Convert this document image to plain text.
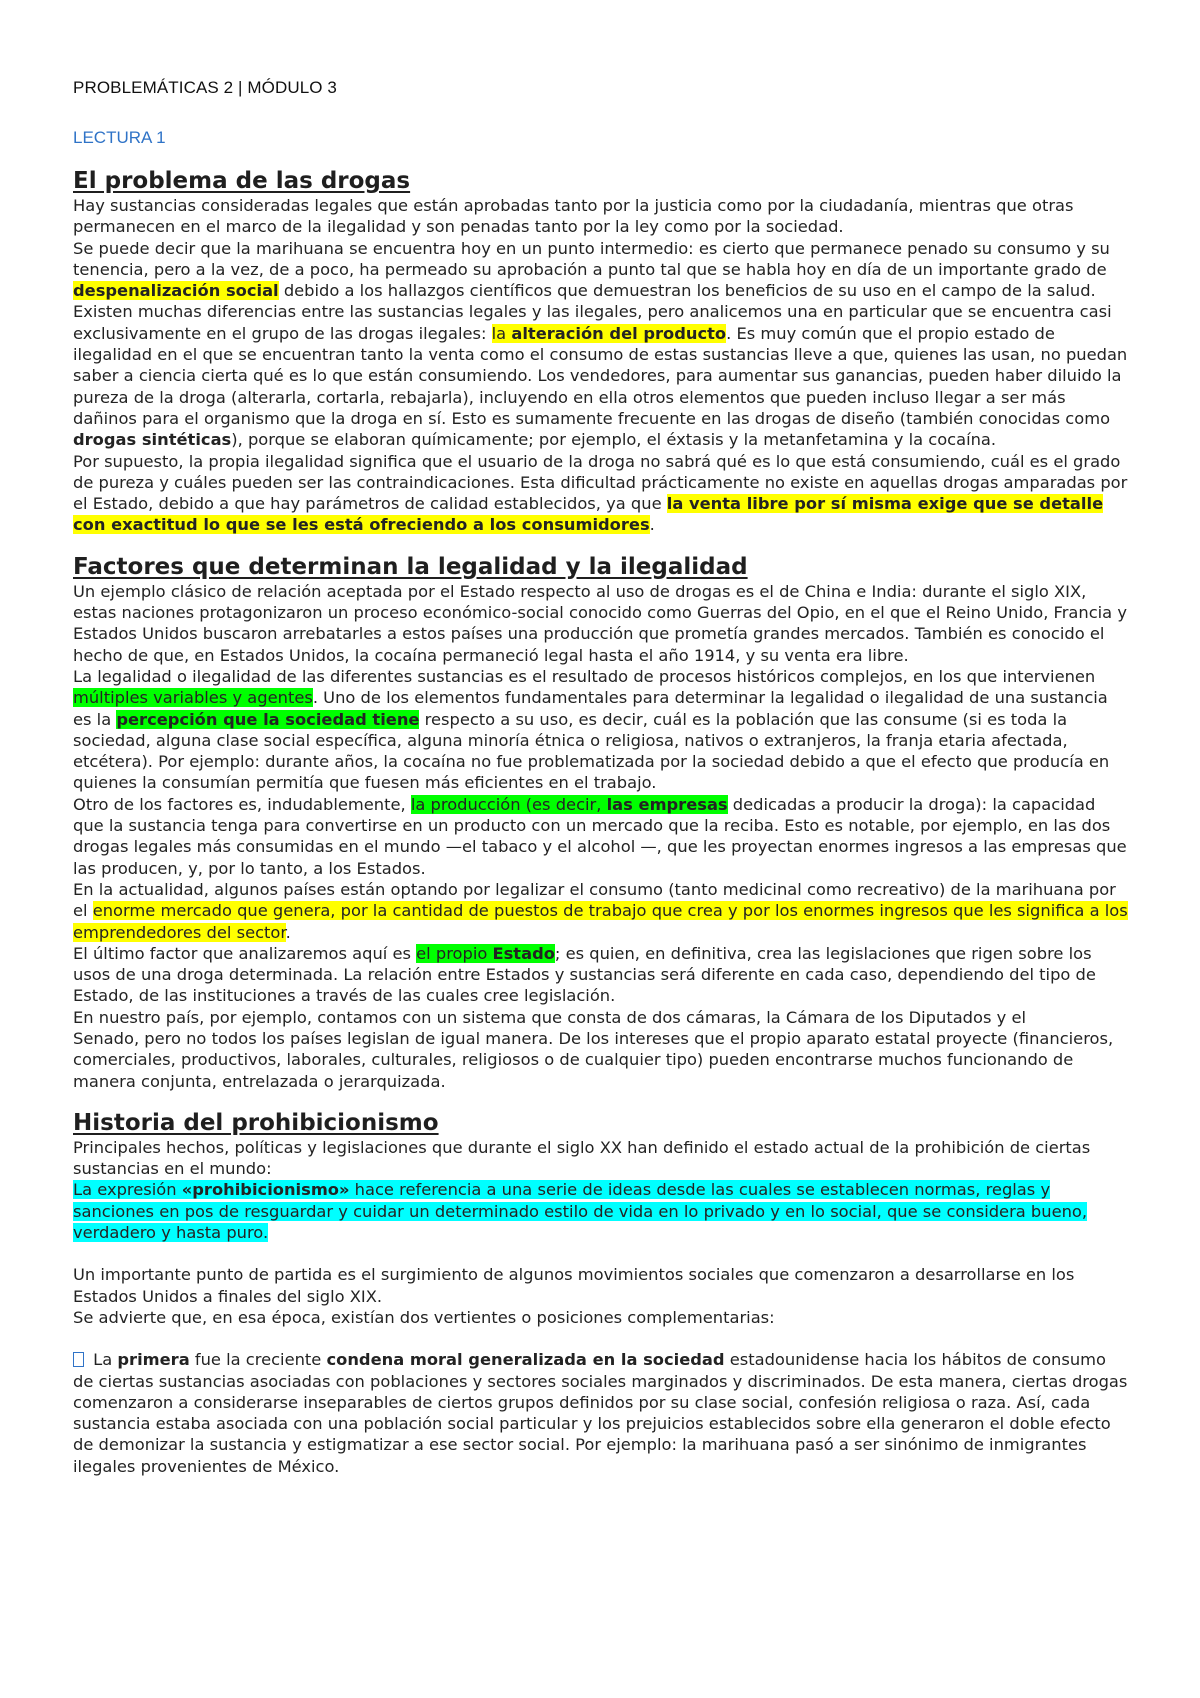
PROBLEMÁTICAS 2 | MÓDULO 3
LECTURA 1
El problema de las drogas

Hay sustancias consideradas legales que están aprobadas tanto por la justicia como por la ciudadanía, mientras que otras permanecen en el marco de la ilegalidad y son penadas tanto por la ley como por la sociedad.

Se puede decir que la marihuana se encuentra hoy en un punto intermedio: es cierto que permanece penado su consumo y su tenencia, pero a la vez, de a poco, ha permeado su aprobación a punto tal que se habla hoy en día de un importante grado de despenalización social debido a los hallazgos científicos que demuestran los beneficios de su uso en el campo de la salud.

Existen muchas diferencias entre las sustancias legales y las ilegales, pero analicemos una en particular que se encuentra casi exclusivamente en el grupo de las drogas ilegales: la alteración del producto. Es muy común que el propio estado de ilegalidad en el que se encuentran tanto la venta como el consumo de estas sustancias lleve a que, quienes las usan, no puedan saber a ciencia cierta qué es lo que están consumiendo. Los vendedores, para aumentar sus ganancias, pueden haber diluido la pureza de la droga (alterarla, cortarla, rebajarla), incluyendo en ella otros elementos que pueden incluso llegar a ser más dañinos para el organismo que la droga en sí. Esto es sumamente frecuente en las drogas de diseño (también conocidas como drogas sintéticas), porque se elaboran químicamente; por ejemplo, el éxtasis y la metanfetamina y la cocaína.

Por supuesto, la propia ilegalidad significa que el usuario de la droga no sabrá qué es lo que está consumiendo, cuál es el grado de pureza y cuáles pueden ser las contraindicaciones. Esta dificultad prácticamente no existe en aquellas drogas amparadas por el Estado, debido a que hay parámetros de calidad establecidos, ya que la venta libre por sí misma exige que se detalle con exactitud lo que se les está ofreciendo a los consumidores.

Factores que determinan la legalidad y la ilegalidad

Un ejemplo clásico de relación aceptada por el Estado respecto al uso de drogas es el de China e India: durante el siglo XIX, estas naciones protagonizaron un proceso económico-social conocido como Guerras del Opio, en el que el Reino Unido, Francia y Estados Unidos buscaron arrebatarles a estos países una producción que prometía grandes mercados. También es conocido el hecho de que, en Estados Unidos, la cocaína permaneció legal hasta el año 1914, y su venta era libre.

La legalidad o ilegalidad de las diferentes sustancias es el resultado de procesos históricos complejos, en los que intervienen múltiples variables y agentes. Uno de los elementos fundamentales para determinar la legalidad o ilegalidad de una sustancia es la percepción que la sociedad tiene respecto a su uso, es decir, cuál es la población que las consume (si es toda la sociedad, alguna clase social específica, alguna minoría étnica o religiosa, nativos o extranjeros, la franja etaria afectada, etcétera). Por ejemplo: durante años, la cocaína no fue problematizada por la sociedad debido a que el efecto que producía en quienes la consumían permitía que fuesen más eficientes en el trabajo.

Otro de los factores es, indudablemente, la producción (es decir, las empresas dedicadas a producir la droga): la capacidad que la sustancia tenga para convertirse en un producto con un mercado que la reciba. Esto es notable, por ejemplo, en las dos drogas legales más consumidas en el mundo —el tabaco y el alcohol —, que les proyectan enormes ingresos a las empresas que las producen, y, por lo tanto, a los Estados.

En la actualidad, algunos países están optando por legalizar el consumo (tanto medicinal como recreativo) de la marihuana por el enorme mercado que genera, por la cantidad de puestos de trabajo que crea y por los enormes ingresos que les significa a los emprendedores del sector.

El último factor que analizaremos aquí es el propio Estado; es quien, en definitiva, crea las legislaciones que rigen sobre los usos de una droga determinada. La relación entre Estados y sustancias será diferente en cada caso, dependiendo del tipo de Estado, de las instituciones a través de las cuales cree legislación.

En nuestro país, por ejemplo, contamos con un sistema que consta de dos cámaras, la Cámara de los Diputados y el

Senado, pero no todos los países legislan de igual manera. De los intereses que el propio aparato estatal proyecte (financieros, comerciales, productivos, laborales, culturales, religiosos o de cualquier tipo) pueden encontrarse muchos funcionando de manera conjunta, entrelazada o jerarquizada.

Historia del prohibicionismo

Principales hechos, políticas y legislaciones que durante el siglo XX han definido el estado actual de la prohibición de ciertas sustancias en el mundo:

La expresión «prohibicionismo» hace referencia a una serie de ideas desde las cuales se establecen normas, reglas y sanciones en pos de resguardar y cuidar un determinado estilo de vida en lo privado y en lo social, que se considera bueno, verdadero y hasta puro.

Un importante punto de partida es el surgimiento de algunos movimientos sociales que comenzaron a desarrollarse en los Estados Unidos a finales del siglo XIX.

Se advierte que, en esa época, existían dos vertientes o posiciones complementarias:

La primera fue la creciente condena moral generalizada en la sociedad estadounidense hacia los hábitos de consumo de ciertas sustancias asociadas con poblaciones y sectores sociales marginados y discriminados. De esta manera, ciertas drogas comenzaron a considerarse inseparables de ciertos grupos definidos por su clase social, confesión religiosa o raza. Así, cada sustancia estaba asociada con una población social particular y los prejuicios establecidos sobre ella generaron el doble efecto de demonizar la sustancia y estigmatizar a ese sector social. Por ejemplo: la marihuana pasó a ser sinónimo de inmigrantes ilegales provenientes de México.
